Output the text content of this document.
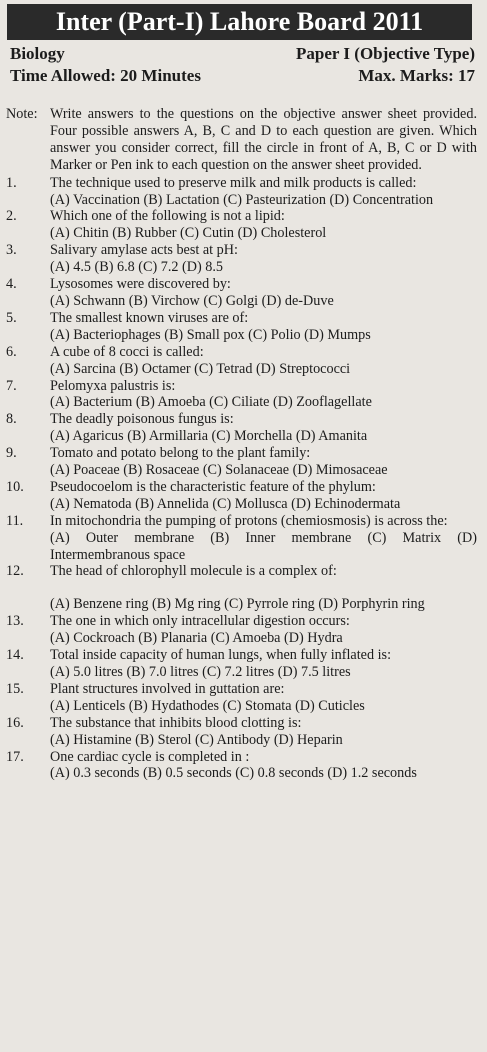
Inter (Part-I) Lahore Board 2011
Biology	Paper I (Objective Type)
Time Allowed: 20 Minutes	Max. Marks: 17
Note: Write answers to the questions on the objective answer sheet provided. Four possible answers A, B, C and D to each question are given. Which answer you consider correct, fill the circle in front of A, B, C or D with Marker or Pen ink to each question on the answer sheet provided.
1.	The technique used to preserve milk and milk products is called:
(A) Vaccination (B) Lactation (C) Pasteurization (D) Concentration
2.	Which one of the following is not a lipid:
(A) Chitin (B) Rubber (C) Cutin (D) Cholesterol
3.	Salivary amylase acts best at pH:
(A) 4.5 (B) 6.8 (C) 7.2 (D) 8.5
4.	Lysosomes were discovered by:
(A) Schwann (B) Virchow (C) Golgi (D) de-Duve
5.	The smallest known viruses are of:
(A) Bacteriophages (B) Small pox (C) Polio (D) Mumps
6.	A cube of 8 cocci is called:
(A) Sarcina (B) Octamer (C) Tetrad (D) Streptococci
7.	Pelomyxa palustris is:
(A) Bacterium (B) Amoeba (C) Ciliate (D) Zooflagellate
8.	The deadly poisonous fungus is:
(A) Agaricus (B) Armillaria (C) Morchella (D) Amanita
9.	Tomato and potato belong to the plant family:
(A) Poaceae (B) Rosaceae (C) Solanaceae (D) Mimosaceae
10.	Pseudocoelom is the characteristic feature of the phylum:
(A) Nematoda (B) Annelida (C) Mollusca (D) Echinodermata
11.	In mitochondria the pumping of protons (chemiosmosis) is across the:
(A) Outer membrane (B) Inner membrane (C) Matrix (D) Intermembranous space
12.	The head of chlorophyll molecule is a complex of:
(A) Benzene ring (B) Mg ring (C) Pyrrole ring (D) Porphyrin ring
13.	The one in which only intracellular digestion occurs:
(A) Cockroach (B) Planaria (C) Amoeba (D) Hydra
14.	Total inside capacity of human lungs, when fully inflated is:
(A) 5.0 litres (B) 7.0 litres (C) 7.2 litres (D) 7.5 litres
15.	Plant structures involved in guttation are:
(A) Lenticels (B) Hydathodes (C) Stomata (D) Cuticles
16.	The substance that inhibits blood clotting is:
(A) Histamine (B) Sterol (C) Antibody (D) Heparin
17.	One cardiac cycle is completed in :
(A) 0.3 seconds (B) 0.5 seconds (C) 0.8 seconds (D) 1.2 seconds
